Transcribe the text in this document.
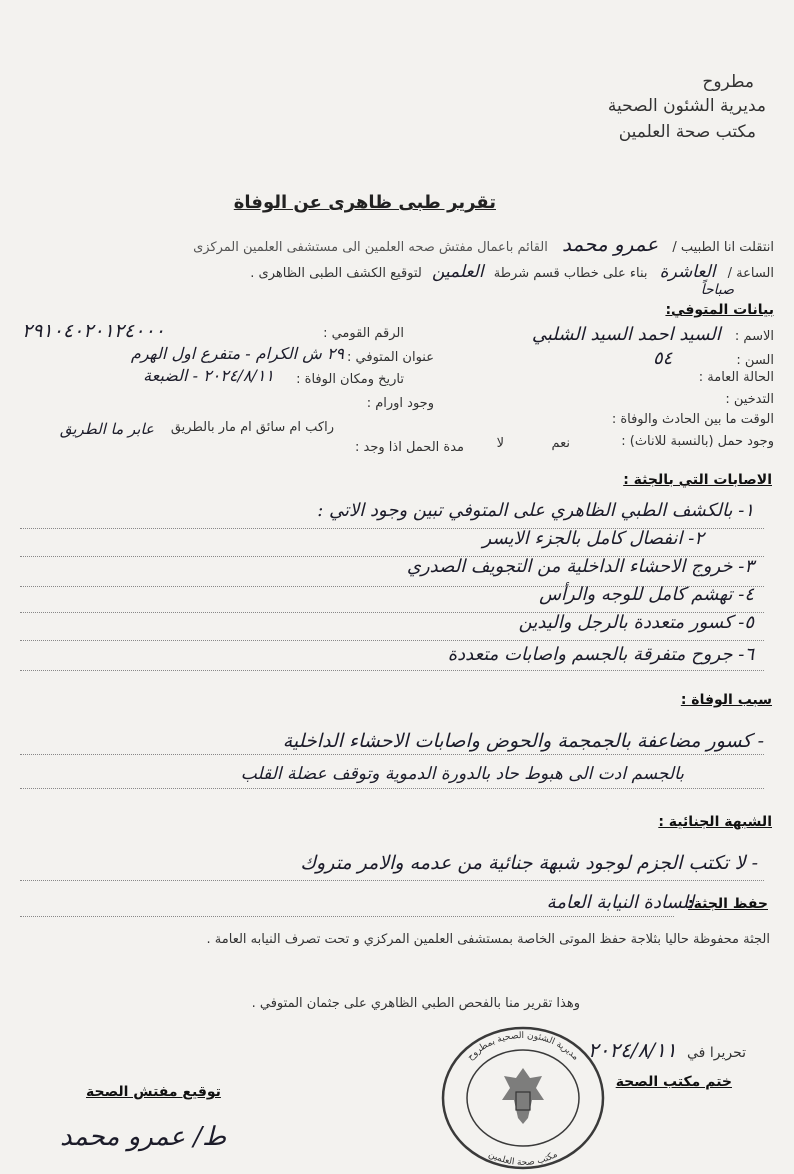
مطروح
مديرية الشئون الصحية
مكتب صحة العلمين
تقرير طبى ظاهرى عن الوفاة
انتقلت انا الطبيب / عمرو محمد القائم باعمال مفتش صحه العلمين الى مستشفى العلمين المركزى
الساعة / العاشرة بناء على خطاب قسم شرطة العلمين لتوقيع الكشف الطبى الظاهرى .
صباحاً
بيانات المتوفي:
الاسم : السيد احمد السيد الشلبي
الرقم القومي :
٢٩١٠٤٠٢٠١٢٤٠٠٠
السن : ٥٤
عنوان المتوفي :
٢٩ ش الكرام - متفرع اول الهرم
الحالة العامة :
تاريخ ومكان الوفاة :
٢٠٢٤/٨/١١ - الضبعة
التدخين :
وجود اورام :
الوقت ما بين الحادث والوفاة :
راكب ام سائق ام مار بالطريق
عابر ما الطريق
وجود حمل (بالنسبة للاناث) :
نعم
لا
مدة الحمل اذا وجد :
الاصابات التي بالجثة :
١- بالكشف الطبي الظاهري على المتوفي تبين وجود الاتي :
٢- انفصال كامل بالجزء الايسر
٣- خروج الاحشاء الداخلية من التجويف الصدري
٤- تهشم كامل للوجه والرأس
٥- كسور متعددة بالرجل واليدين
٦- جروح متفرقة بالجسم واصابات متعددة
سبب الوفاة :
- كسور مضاعفة بالجمجمة والحوض واصابات الاحشاء الداخلية
بالجسم ادت الى هبوط حاد بالدورة الدموية وتوقف عضلة القلب
الشبهة الجنائية :
- لا تكتب الجزم لوجود شبهة جنائية من عدمه والامر متروك
حفظ الجثة:
للسادة النيابة العامة
الجثة محفوظة حاليا بثلاجة حفظ الموتى الخاصة بمستشفى العلمين المركزي و تحت تصرف النيابه العامة .
وهذا تقرير منا بالفحص الطبي الظاهري على جثمان المتوفي .
تحريرا في ٢٠٢٤/٨/١١
ختم مكتب الصحة
توقيع مفتش الصحة
مديرية الشئون الصحية بمطروح
مكتب صحة العلمين
ط/ عمرو محمد
